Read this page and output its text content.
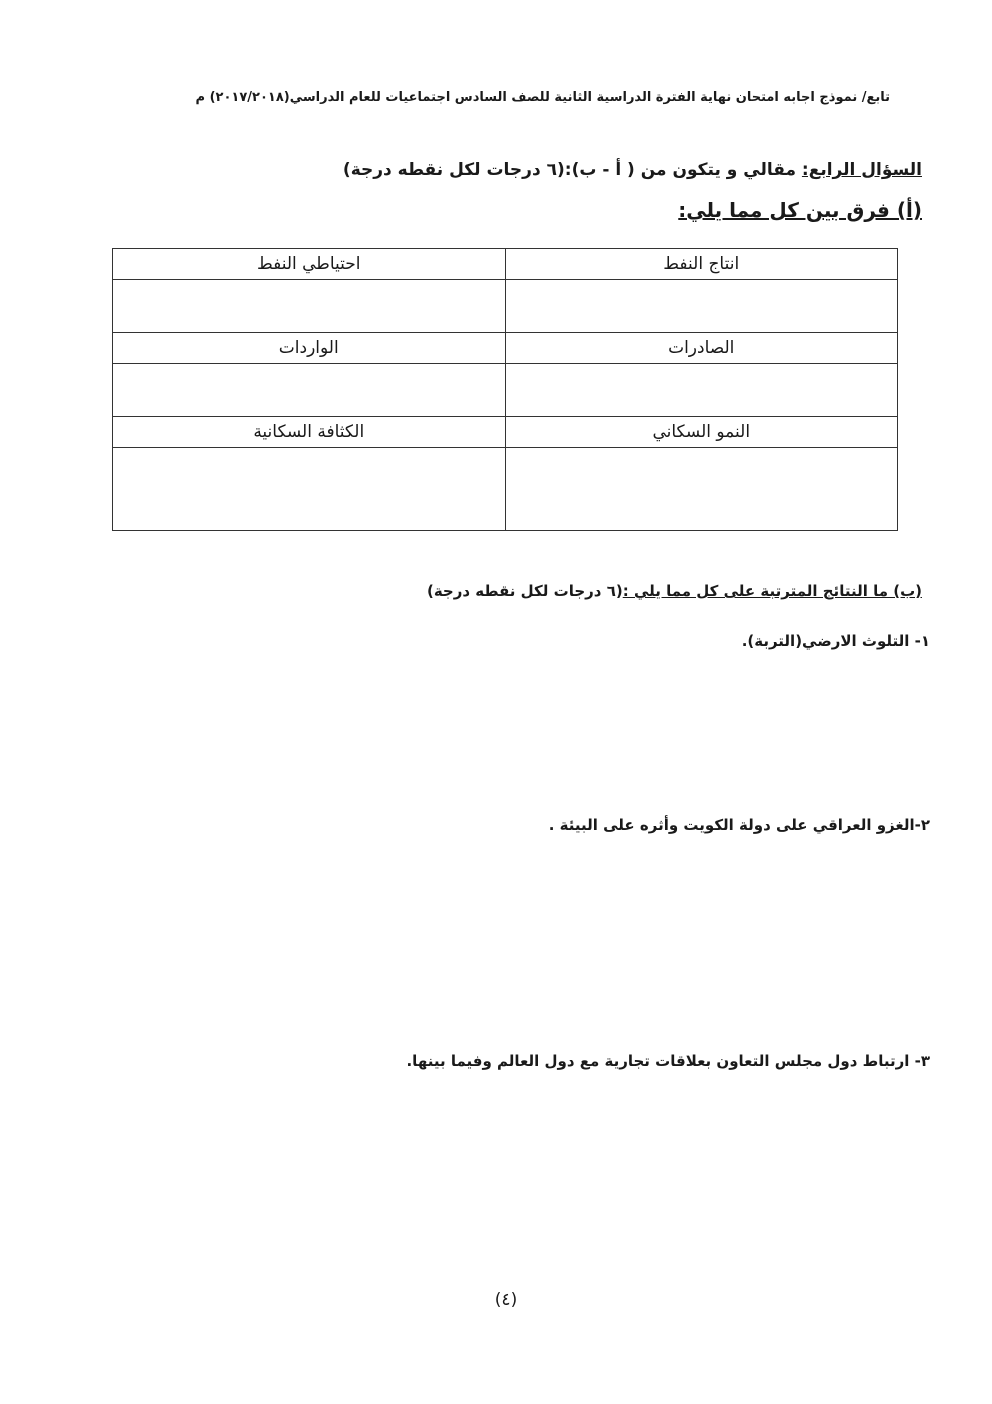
تابع/ نموذج اجابه امتحان نهاية الفترة الدراسية الثانية للصف السادس اجتماعيات للعام الدراسي(٢٠١٧/٢٠١٨) م
السؤال الرابع: مقالي و يتكون من ( أ - ب):(٦ درجات لكل نقطه درجة)
(أ) فرق بين كل مما يلي:
انتاج النفط	احتياطي النفط

الصادرات	الواردات

النمو السكاني	الكثافة السكانية

(ب) ما النتائج المترتبة على كل مما يلي :(٦ درجات لكل نقطه درجة)
١- التلوث الارضي(التربة).
٢-الغزو العراقي على دولة الكويت وأثره على البيئة .
٣- ارتباط دول مجلس التعاون بعلاقات تجارية مع دول العالم وفيما بينها.
(٤)
